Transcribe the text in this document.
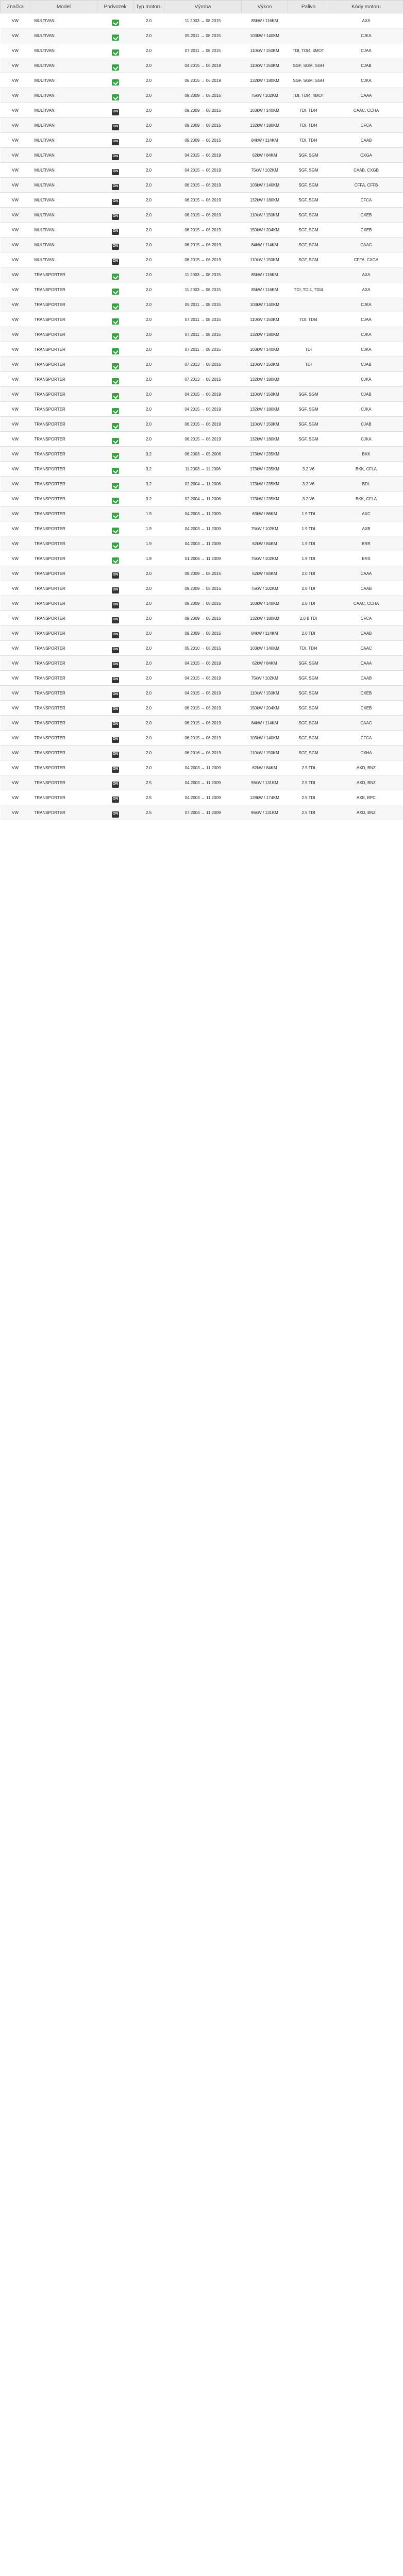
Značka	Model	Podvozek	Typ motoru	Výroba	Výkon	Palivo	Kódy motoru
VW	MULTIVAN		2.0	11.2003 → 08.2015	85kW / 116KM		AXA
VW	MULTIVAN		2.0	05.2011 → 08.2015	103kW / 140KM		CJKA
VW	MULTIVAN		2.0	07.2011 → 08.2015	110kW / 150KM	TDI, TDI4, 4MOT	CJAA
VW	MULTIVAN		2.0	04.2015 → 06.2019	110kW / 150KM	SGF, SGM, SGH	CJAB
VW	MULTIVAN		2.0	06.2015 → 06.2019	132kW / 180KM	SGF, SGM, SGH	CJKA
VW	MULTIVAN		2.0	09.2009 → 08.2015	75kW / 102KM	TDI, TDI4, 4MOT	CAAA
VW	MULTIVAN		2.0	09.2009 → 08.2015	103kW / 140KM	TDI, TDI4	CAAC, CCHA
VW	MULTIVAN		2.0	09.2009 → 08.2015	132kW / 180KM	TDI, TDI4	CFCA
VW	MULTIVAN		2.0	09.2009 → 08.2015	84kW / 114KM	TDI, TDI4	CAAB
VW	MULTIVAN		2.0	04.2015 → 06.2019	62kW / 84KM	SGF, SGM	CXGA
VW	MULTIVAN		2.0	04.2015 → 06.2019	75kW / 102KM	SGF, SGM	CAAB, CXGB
VW	MULTIVAN		2.0	06.2015 → 06.2019	103kW / 140KM	SGF, SGM	CFFA, CFFB
VW	MULTIVAN		2.0	06.2015 → 06.2019	132kW / 180KM	SGF, SGM	CFCA
VW	MULTIVAN		2.0	06.2015 → 06.2019	110kW / 150KM	SGF, SGM	CXEB
VW	MULTIVAN		2.0	06.2015 → 06.2019	150kW / 204KM	SGF, SGM	CXEB
VW	MULTIVAN		2.0	06.2015 → 06.2019	84kW / 114KM	SGF, SGM	CAAC
VW	MULTIVAN		2.0	06.2015 → 06.2019	110kW / 150KM	SGF, SGM	CFFA, CXGA
VW	TRANSPORTER		2.0	11.2003 → 08.2015	85kW / 116KM		AXA
VW	TRANSPORTER		2.0	11.2003 → 08.2015	85kW / 116KM	TDI, TDI4, TDI4	AXA
VW	TRANSPORTER		2.0	05.2011 → 08.2015	103kW / 140KM		CJKA
VW	TRANSPORTER		2.0	07.2011 → 08.2015	110kW / 150KM	TDI, TDI4	CJAA
VW	TRANSPORTER		2.0	07.2011 → 08.2015	132kW / 180KM		CJKA
VW	TRANSPORTER		2.0	07.2011 → 08.2015	103kW / 140KM	TDI	CJKA
VW	TRANSPORTER		2.0	07.2013 → 08.2015	110kW / 150KM	TDI	CJAB
VW	TRANSPORTER		2.0	07.2013 → 08.2015	132kW / 180KM		CJKA
VW	TRANSPORTER		2.0	04.2015 → 06.2019	110kW / 150KM	SGF, SGM	CJAB
VW	TRANSPORTER		2.0	04.2015 → 06.2019	132kW / 180KM	SGF, SGM	CJKA
VW	TRANSPORTER		2.0	06.2015 → 06.2019	110kW / 150KM	SGF, SGM	CJAB
VW	TRANSPORTER		2.0	06.2015 → 06.2019	132kW / 180KM	SGF, SGM	CJKA
VW	TRANSPORTER		3.2	06.2003 → 05.2006	173kW / 235KM		BKK
VW	TRANSPORTER		3.2	11.2003 → 11.2006	173kW / 235KM	3.2 V6	BKK, CFLA
VW	TRANSPORTER		3.2	02.2004 → 11.2006	173kW / 235KM	3.2 V6	BDL
VW	TRANSPORTER		3.2	02.2004 → 11.2006	173kW / 235KM	3.2 V6	BKK, CFLA
VW	TRANSPORTER		1.9	04.2003 → 11.2009	63kW / 86KM	1.9 TDI	AXC
VW	TRANSPORTER		1.9	04.2003 → 11.2009	75kW / 102KM	1.9 TDI	AXB
VW	TRANSPORTER		1.9	04.2003 → 11.2009	62kW / 84KM	1.9 TDI	BRR
VW	TRANSPORTER		1.9	01.2006 → 11.2009	75kW / 102KM	1.9 TDI	BRS
VW	TRANSPORTER		2.0	09.2009 → 08.2015	62kW / 84KM	2.0 TDI	CAAA
VW	TRANSPORTER		2.0	09.2009 → 08.2015	75kW / 102KM	2.0 TDI	CAAB
VW	TRANSPORTER		2.0	09.2009 → 08.2015	103kW / 140KM	2.0 TDI	CAAC, CCHA
VW	TRANSPORTER		2.0	09.2009 → 08.2015	132kW / 180KM	2.0 BiTDI	CFCA
VW	TRANSPORTER		2.0	09.2009 → 08.2015	84kW / 114KM	2.0 TDI	CAAB
VW	TRANSPORTER		2.0	05.2010 → 08.2015	103kW / 140KM	TDI, TDI4	CAAC
VW	TRANSPORTER		2.0	04.2015 → 06.2019	62kW / 84KM	SGF, SGM	CAAA
VW	TRANSPORTER		2.0	04.2015 → 06.2019	75kW / 102KM	SGF, SGM	CAAB
VW	TRANSPORTER		2.0	04.2015 → 06.2019	110kW / 150KM	SGF, SGM	CXEB
VW	TRANSPORTER		2.0	06.2015 → 06.2019	150kW / 204KM	SGF, SGM	CXEB
VW	TRANSPORTER		2.0	06.2015 → 06.2019	84kW / 114KM	SGF, SGM	CAAC
VW	TRANSPORTER		2.0	06.2015 → 06.2019	103kW / 140KM	SGF, SGM	CFCA
VW	TRANSPORTER		2.0	06.2016 → 06.2019	110kW / 150KM	SGF, SGM	CXHA
VW	TRANSPORTER		2.0	04.2003 → 11.2009	62kW / 84KM	2.5 TDI	AXD, BNZ
VW	TRANSPORTER		2.5	04.2003 → 11.2009	96kW / 131KM	2.5 TDI	AXD, BNZ
VW	TRANSPORTER		2.5	04.2003 → 11.2009	128kW / 174KM	2.5 TDI	AXE, BPC
VW	TRANSPORTER		2.5	07.2004 → 11.2009	96kW / 131KM	2.5 TDI	AXD, BNZ
